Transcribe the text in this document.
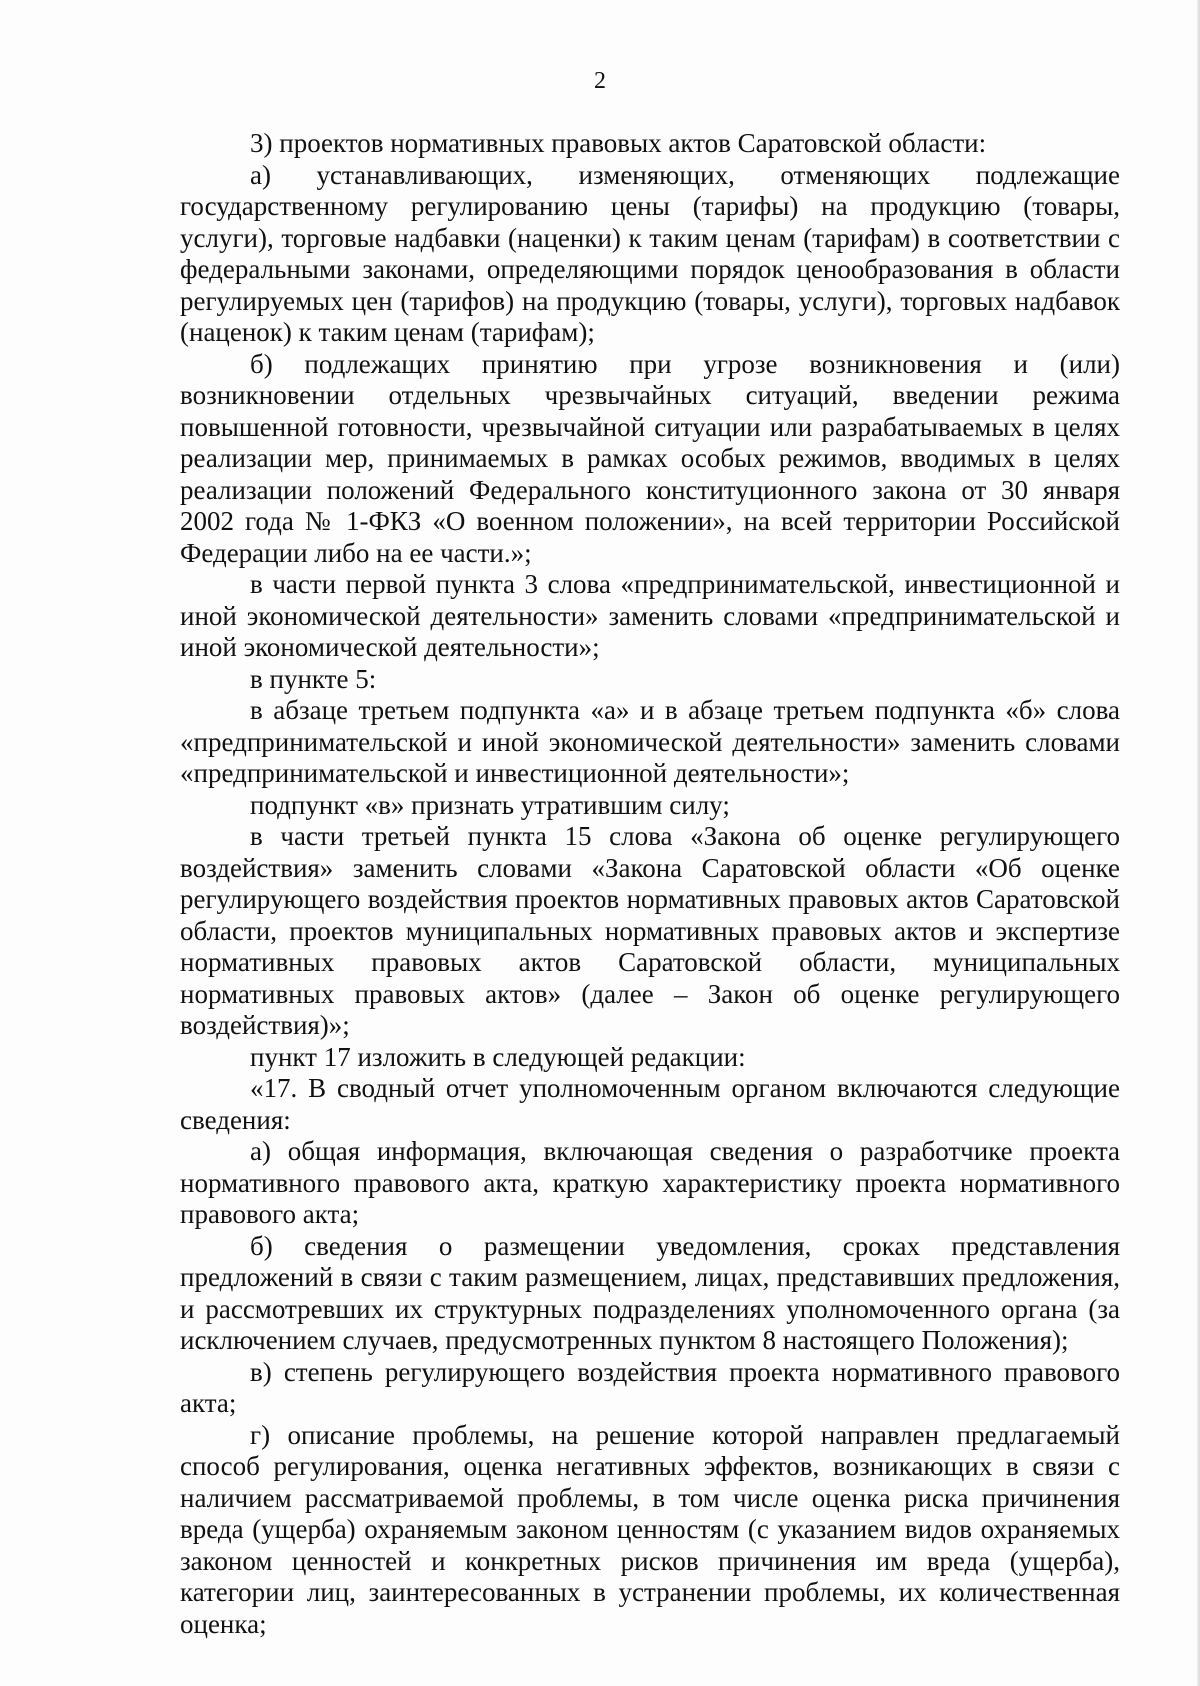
2

3) проектов нормативных правовых актов Саратовской области:

а) устанавливающих, изменяющих, отменяющих подлежащие государственному регулированию цены (тарифы) на продукцию (товары, услуги), торговые надбавки (наценки) к таким ценам (тарифам) в соответствии с федеральными законами, определяющими порядок ценообразования в области регулируемых цен (тарифов) на продукцию (товары, услуги), торговых надбавок (наценок) к таким ценам (тарифам);

б) подлежащих принятию при угрозе возникновения и (или) возникновении отдельных чрезвычайных ситуаций, введении режима повышенной готовности, чрезвычайной ситуации или разрабатываемых в целях реализации мер, принимаемых в рамках особых режимов, вводимых в целях реализации положений Федерального конституционного закона от 30 января 2002 года № 1-ФКЗ «О военном положении», на всей территории Российской Федерации либо на ее части.»;

в части первой пункта 3 слова «предпринимательской, инвестиционной и иной экономической деятельности» заменить словами «предпринимательской и иной экономической деятельности»;

в пункте 5:

в абзаце третьем подпункта «а» и в абзаце третьем подпункта «б» слова «предпринимательской и иной экономической деятельности» заменить словами «предпринимательской и инвестиционной деятельности»;

подпункт «в» признать утратившим силу;

в части третьей пункта 15 слова «Закона об оценке регулирующего воздействия» заменить словами «Закона Саратовской области «Об оценке регулирующего воздействия проектов нормативных правовых актов Саратовской области, проектов муниципальных нормативных правовых актов и экспертизе нормативных правовых актов Саратовской области, муниципальных нормативных правовых актов» (далее – Закон об оценке регулирующего воздействия)»;

пункт 17 изложить в следующей редакции:

«17. В сводный отчет уполномоченным органом включаются следующие сведения:

а) общая информация, включающая сведения о разработчике проекта нормативного правового акта, краткую характеристику проекта нормативного правового акта;

б) сведения о размещении уведомления, сроках представления предложений в связи с таким размещением, лицах, представивших предложения, и рассмотревших их структурных подразделениях уполномоченного органа (за исключением случаев, предусмотренных пунктом 8 настоящего Положения);

в) степень регулирующего воздействия проекта нормативного правового акта;

г) описание проблемы, на решение которой направлен предлагаемый способ регулирования, оценка негативных эффектов, возникающих в связи с наличием рассматриваемой проблемы, в том числе оценка риска причинения вреда (ущерба) охраняемым законом ценностям (с указанием видов охраняемых законом ценностей и конкретных рисков причинения им вреда (ущерба), категории лиц, заинтересованных в устранении проблемы, их количественная оценка;
